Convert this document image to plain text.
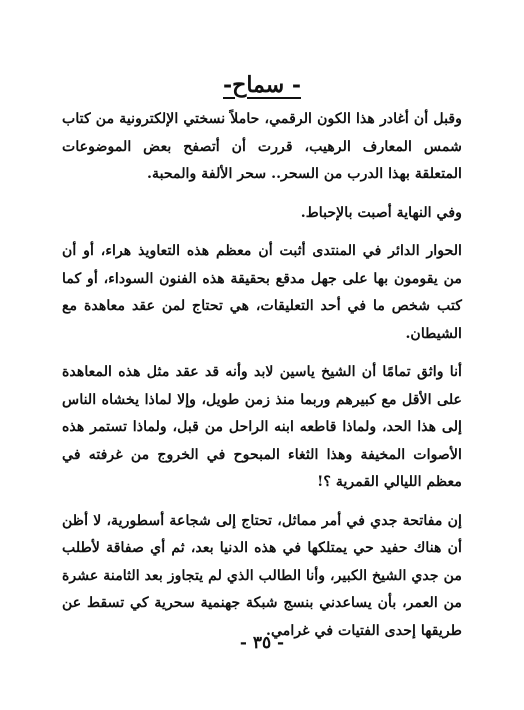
- سماح-

وقبل أن أغادر هذا الكون الرقمي، حاملاً نسختي الإلكترونية من كتاب شمس المعارف الرهيب، قررت أن أتصفح بعض الموضوعات المتعلقة بهذا الدرب من السحر.. سحر الألفة والمحبة.

وفي النهاية أصبت بالإحباط.

الحوار الدائر في المنتدى أثبت أن معظم هذه التعاويذ هراء، أو أن من يقومون بها على جهل مدقع بحقيقة هذه الفنون السوداء، أو كما كتب شخص ما في أحد التعليقات، هي تحتاج لمن عقد معاهدة مع الشيطان.

أنا واثق تمامًا أن الشيخ ياسين لابد وأنه قد عقد مثل هذه المعاهدة على الأقل مع كبيرهم وربما منذ زمن طويل، وإلا لماذا يخشاه الناس إلى هذا الحد، ولماذا قاطعه ابنه الراحل من قبل، ولماذا تستمر هذه الأصوات المخيفة وهذا الثغاء المبحوح في الخروج من غرفته في معظم الليالي القمرية ؟!

إن مفاتحة جدي في أمر مماثل، تحتاج إلى شجاعة أسطورية، لا أظن أن هناك حفيد حي يمتلكها في هذه الدنيا بعد، ثم أي صفاقة لأطلب من جدي الشيخ الكبير، وأنا الطالب الذي لم يتجاوز بعد الثامنة عشرة من العمر، بأن يساعدني بنسج شبكة جهنمية سحرية كي تسقط عن طريقها إحدى الفتيات في غرامي.

- ٣٥ -
